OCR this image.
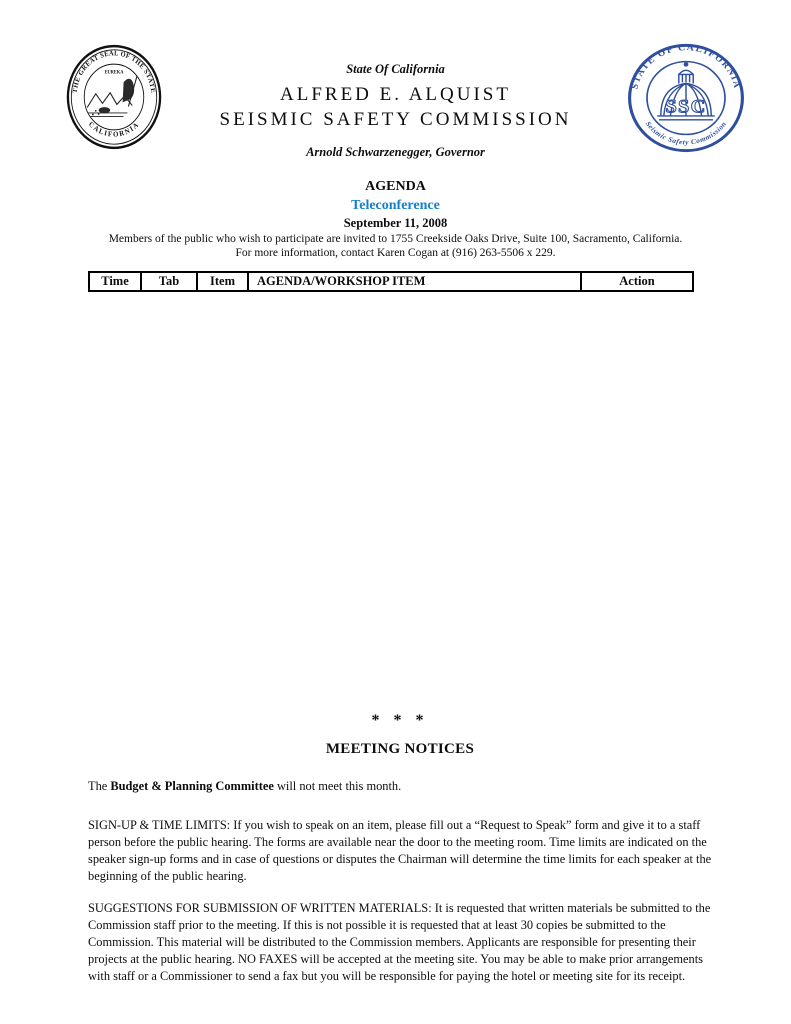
THE GREAT SEAL OF THE STATE
CALIFORNIA
EUREKA
STATE OF CALIFORNIA
Seismic Safety Commission
SSC
State Of California
ALFRED E. ALQUIST
SEISMIC SAFETY COMMISSION
Arnold Schwarzenegger, Governor
AGENDA
Teleconference
September 11, 2008
Members of the public who wish to participate are invited to 1755 Creekside Oaks Drive, Suite 100, Sacramento, California.
For more information, contact Karen Cogan at (916) 263-5506 x 229.
Time	Tab	Item	AGENDA/WORKSHOP ITEM	Action
* * *
MEETING NOTICES
The Budget & Planning Committee will not meet this month.
SIGN-UP & TIME LIMITS: If you wish to speak on an item, please fill out a “Request to Speak” form and give it to a staff person before the public hearing. The forms are available near the door to the meeting room. Time limits are indicated on the speaker sign-up forms and in case of questions or disputes the Chairman will determine the time limits for each speaker at the beginning of the public hearing.
SUGGESTIONS FOR SUBMISSION OF WRITTEN MATERIALS: It is requested that written materials be submitted to the Commission staff prior to the meeting. If this is not possible it is requested that at least 30 copies be submitted to the Commission. This material will be distributed to the Commission members. Applicants are responsible for presenting their projects at the public hearing. NO FAXES will be accepted at the meeting site. You may be able to make prior arrangements with staff or a Commissioner to send a fax but you will be responsible for paying the hotel or meeting site for its receipt.
